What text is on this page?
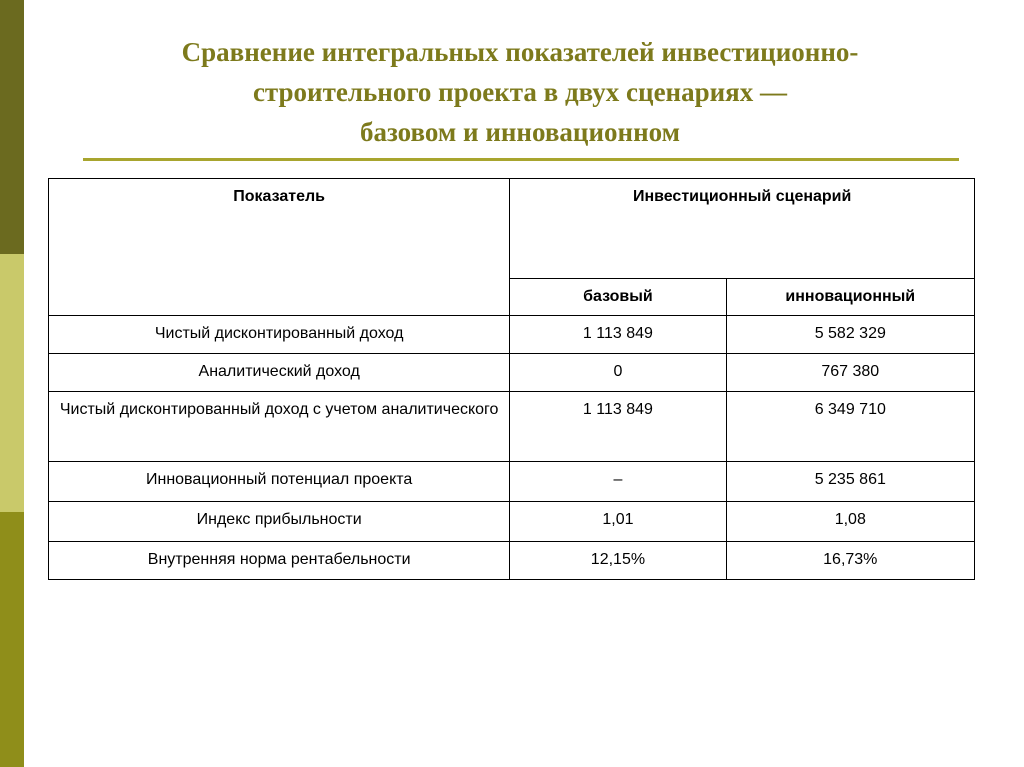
Сравнение интегральных показателей инвестиционно-
строительного проекта в двух сценариях —
базовом и инновационном
Показатель	Инвестиционный сценарий	
	базовый	инновационный
Чистый дисконтированный доход	1 113 849	5 582 329
Аналитический доход	0	767 380
Чистый дисконтированный доход с учетом аналитического	1 113 849	6 349 710
Инновационный потенциал проекта	–	5 235 861
Индекс прибыльности	1,01	1,08
Внутренняя норма рентабельности	12,15%	16,73%
